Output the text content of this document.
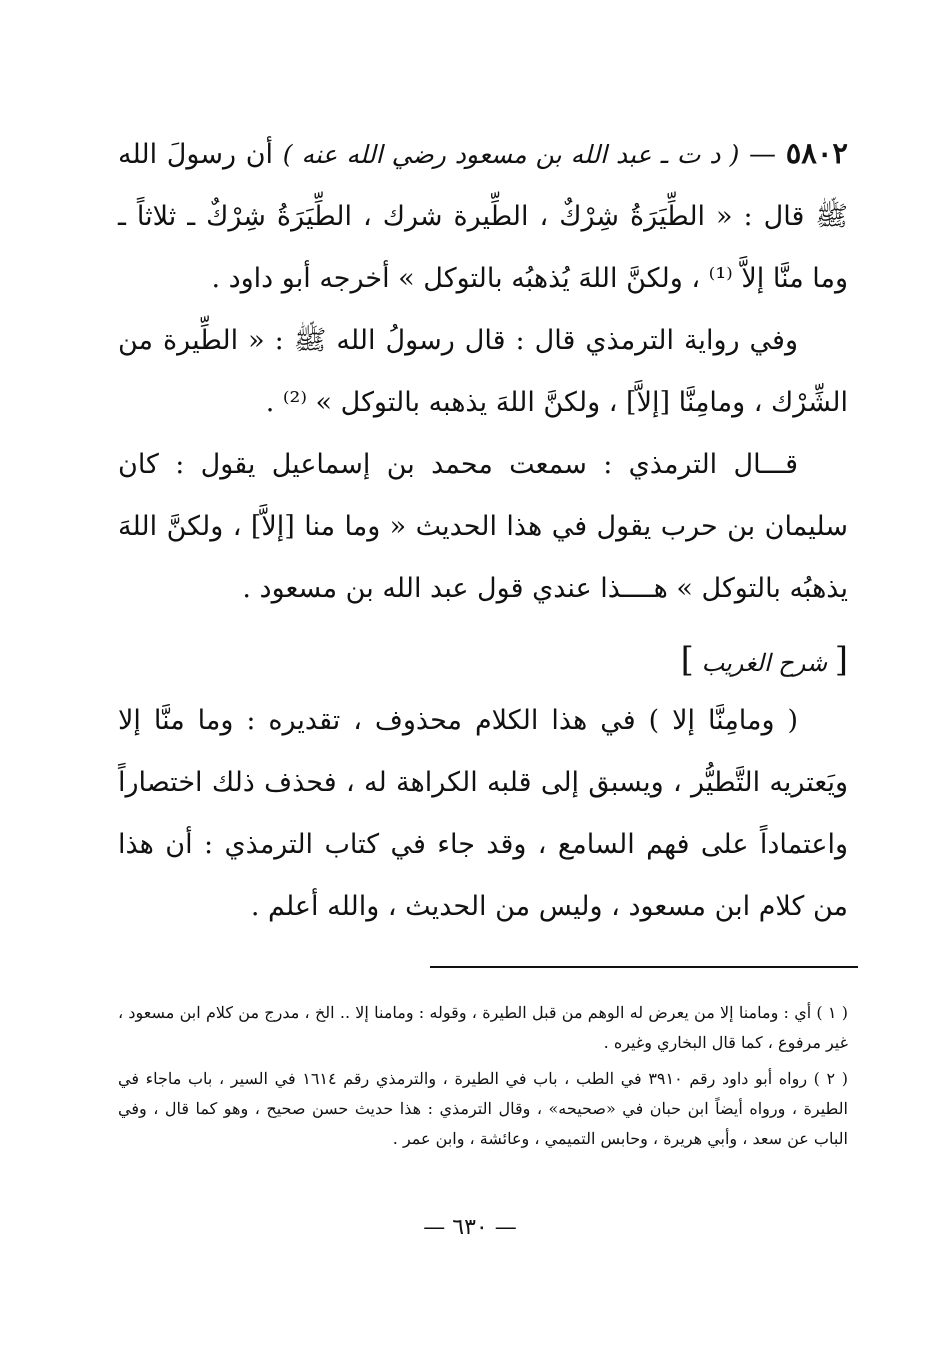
٥٨٠٢ — ( د ت ـ عبد الله بن مسعود رضي الله عنه ) أن رسولَ الله ﷺ قال : « الطِّيَرَةُ شِرْكٌ ، الطِّيرة شرك ، الطِّيَرَةُ شِرْكٌ ـ ثلاثاً ـ وما منَّا إلاَّ ⁽¹⁾ ، ولكنَّ اللهَ يُذهبُه بالتوكل » أخرجه أبو داود .

وفي رواية الترمذي قال : قال رسولُ الله ﷺ : « الطِّيرة من الشِّرْك ، ومامِنَّا [إلاَّ] ، ولكنَّ اللهَ يذهبه بالتوكل » ⁽²⁾ .

قـــال الترمذي : سمعت محمد بن إسماعيل يقول : كان سليمان بن حرب يقول في هذا الحديث « وما منا [إلاَّ] ، ولكنَّ اللهَ يذهبُه بالتوكل » هــــذا عندي قول عبد الله بن مسعود .

[ شرح الغريب ]

( ومامِنَّا إلا ) في هذا الكلام محذوف ، تقديره : وما منَّا إلا ويَعتريه التَّطيُّر ، ويسبق إلى قلبه الكراهة له ، فحذف ذلك اختصاراً واعتماداً على فهم السامع ، وقد جاء في كتاب الترمذي : أن هذا من كلام ابن مسعود ، وليس من الحديث ، والله أعلم .

( ١ ) أي : ومامنا إلا من يعرض له الوهم من قبل الطيرة ، وقوله : ومامنا إلا .. الخ ، مدرج من كلام ابن مسعود ، غير مرفوع ، كما قال البخاري وغيره .

( ٢ ) رواه أبو داود رقم ٣٩١٠ في الطب ، باب في الطيرة ، والترمذي رقم ١٦١٤ في السير ، باب ماجاء في الطيرة ، ورواه أيضاً ابن حبان في «صحيحه» ، وقال الترمذي : هذا حديث حسن صحيح ، وهو كما قال ، وفي الباب عن سعد ، وأبي هريرة ، وحابس التميمي ، وعائشة ، وابن عمر .

— ٦٣٠ —
